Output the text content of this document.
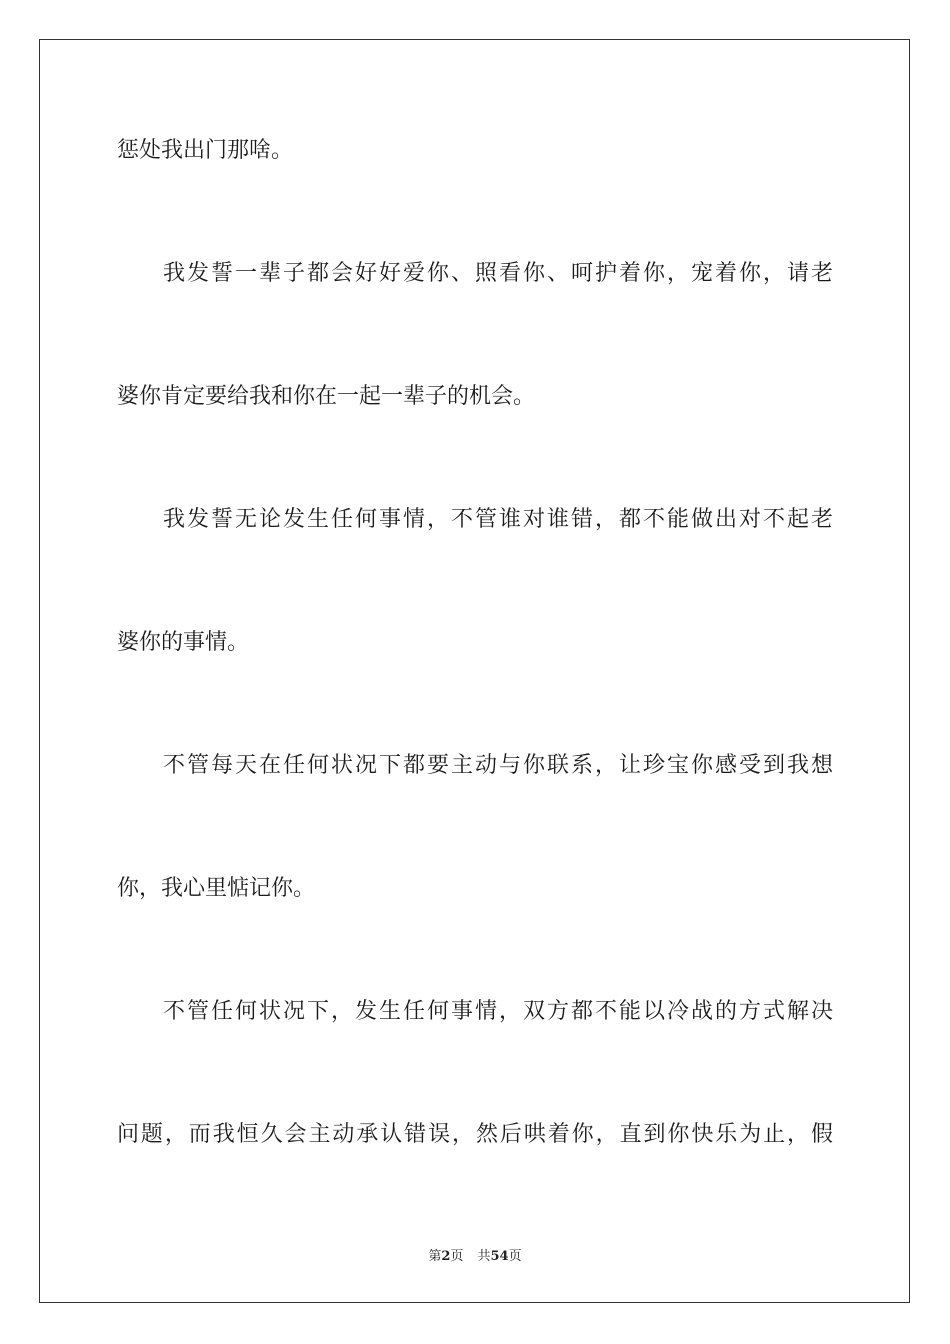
惩处我出门那啥。
我发誓一辈子都会好好爱你、照看你、呵护着你，宠着你，请老
婆你肯定要给我和你在一起一辈子的机会。
我发誓无论发生任何事情，不管谁对谁错，都不能做出对不起老
婆你的事情。
不管每天在任何状况下都要主动与你联系，让珍宝你感受到我想
你，我心里惦记你。
不管任何状况下，发生任何事情，双方都不能以冷战的方式解决
问题，而我恒久会主动承认错误，然后哄着你，直到你快乐为止，假
第2页 共54页
